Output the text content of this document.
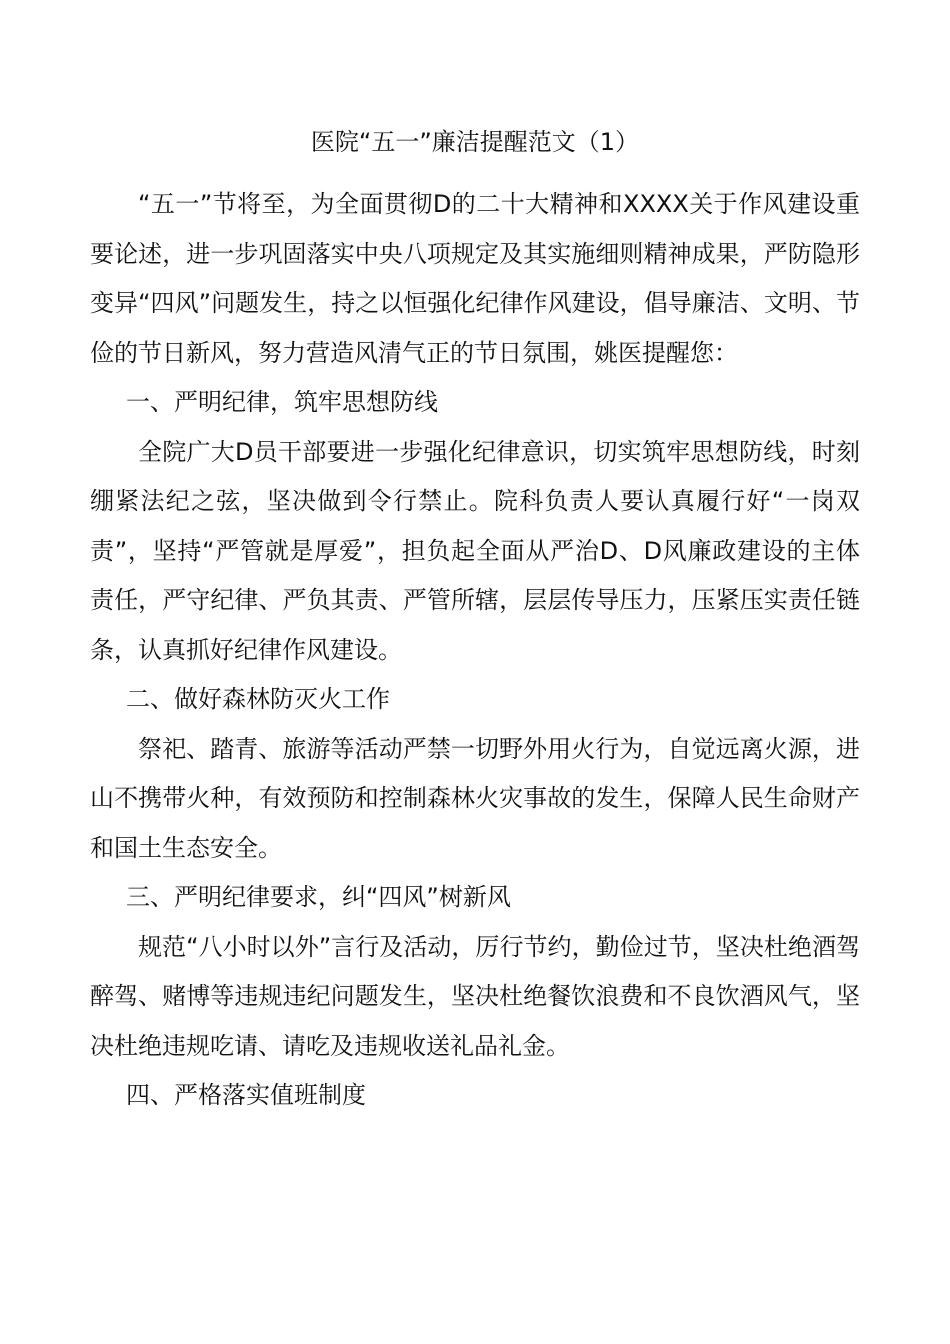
医院“五一”廉洁提醒范文（1）

“五一”节将至，为全面贯彻D的二十大精神和XXXX关于作风建设重要论述，进一步巩固落实中央八项规定及其实施细则精神成果，严防隐形变异“四风”问题发生，持之以恒强化纪律作风建设，倡导廉洁、文明、节俭的节日新风，努力营造风清气正的节日氛围，姚医提醒您：

一、严明纪律，筑牢思想防线

全院广大D员干部要进一步强化纪律意识，切实筑牢思想防线，时刻绷紧法纪之弦，坚决做到令行禁止。院科负责人要认真履行好“一岗双责”，坚持“严管就是厚爱”，担负起全面从严治D、D风廉政建设的主体责任，严守纪律、严负其责、严管所辖，层层传导压力，压紧压实责任链条，认真抓好纪律作风建设。

二、做好森林防灭火工作

祭祀、踏青、旅游等活动严禁一切野外用火行为，自觉远离火源，进山不携带火种，有效预防和控制森林火灾事故的发生，保障人民生命财产和国土生态安全。

三、严明纪律要求，纠“四风”树新风

规范“八小时以外”言行及活动，厉行节约，勤俭过节，坚决杜绝酒驾醉驾、赌博等违规违纪问题发生，坚决杜绝餐饮浪费和不良饮酒风气，坚决杜绝违规吃请、请吃及违规收送礼品礼金。

四、严格落实值班制度
